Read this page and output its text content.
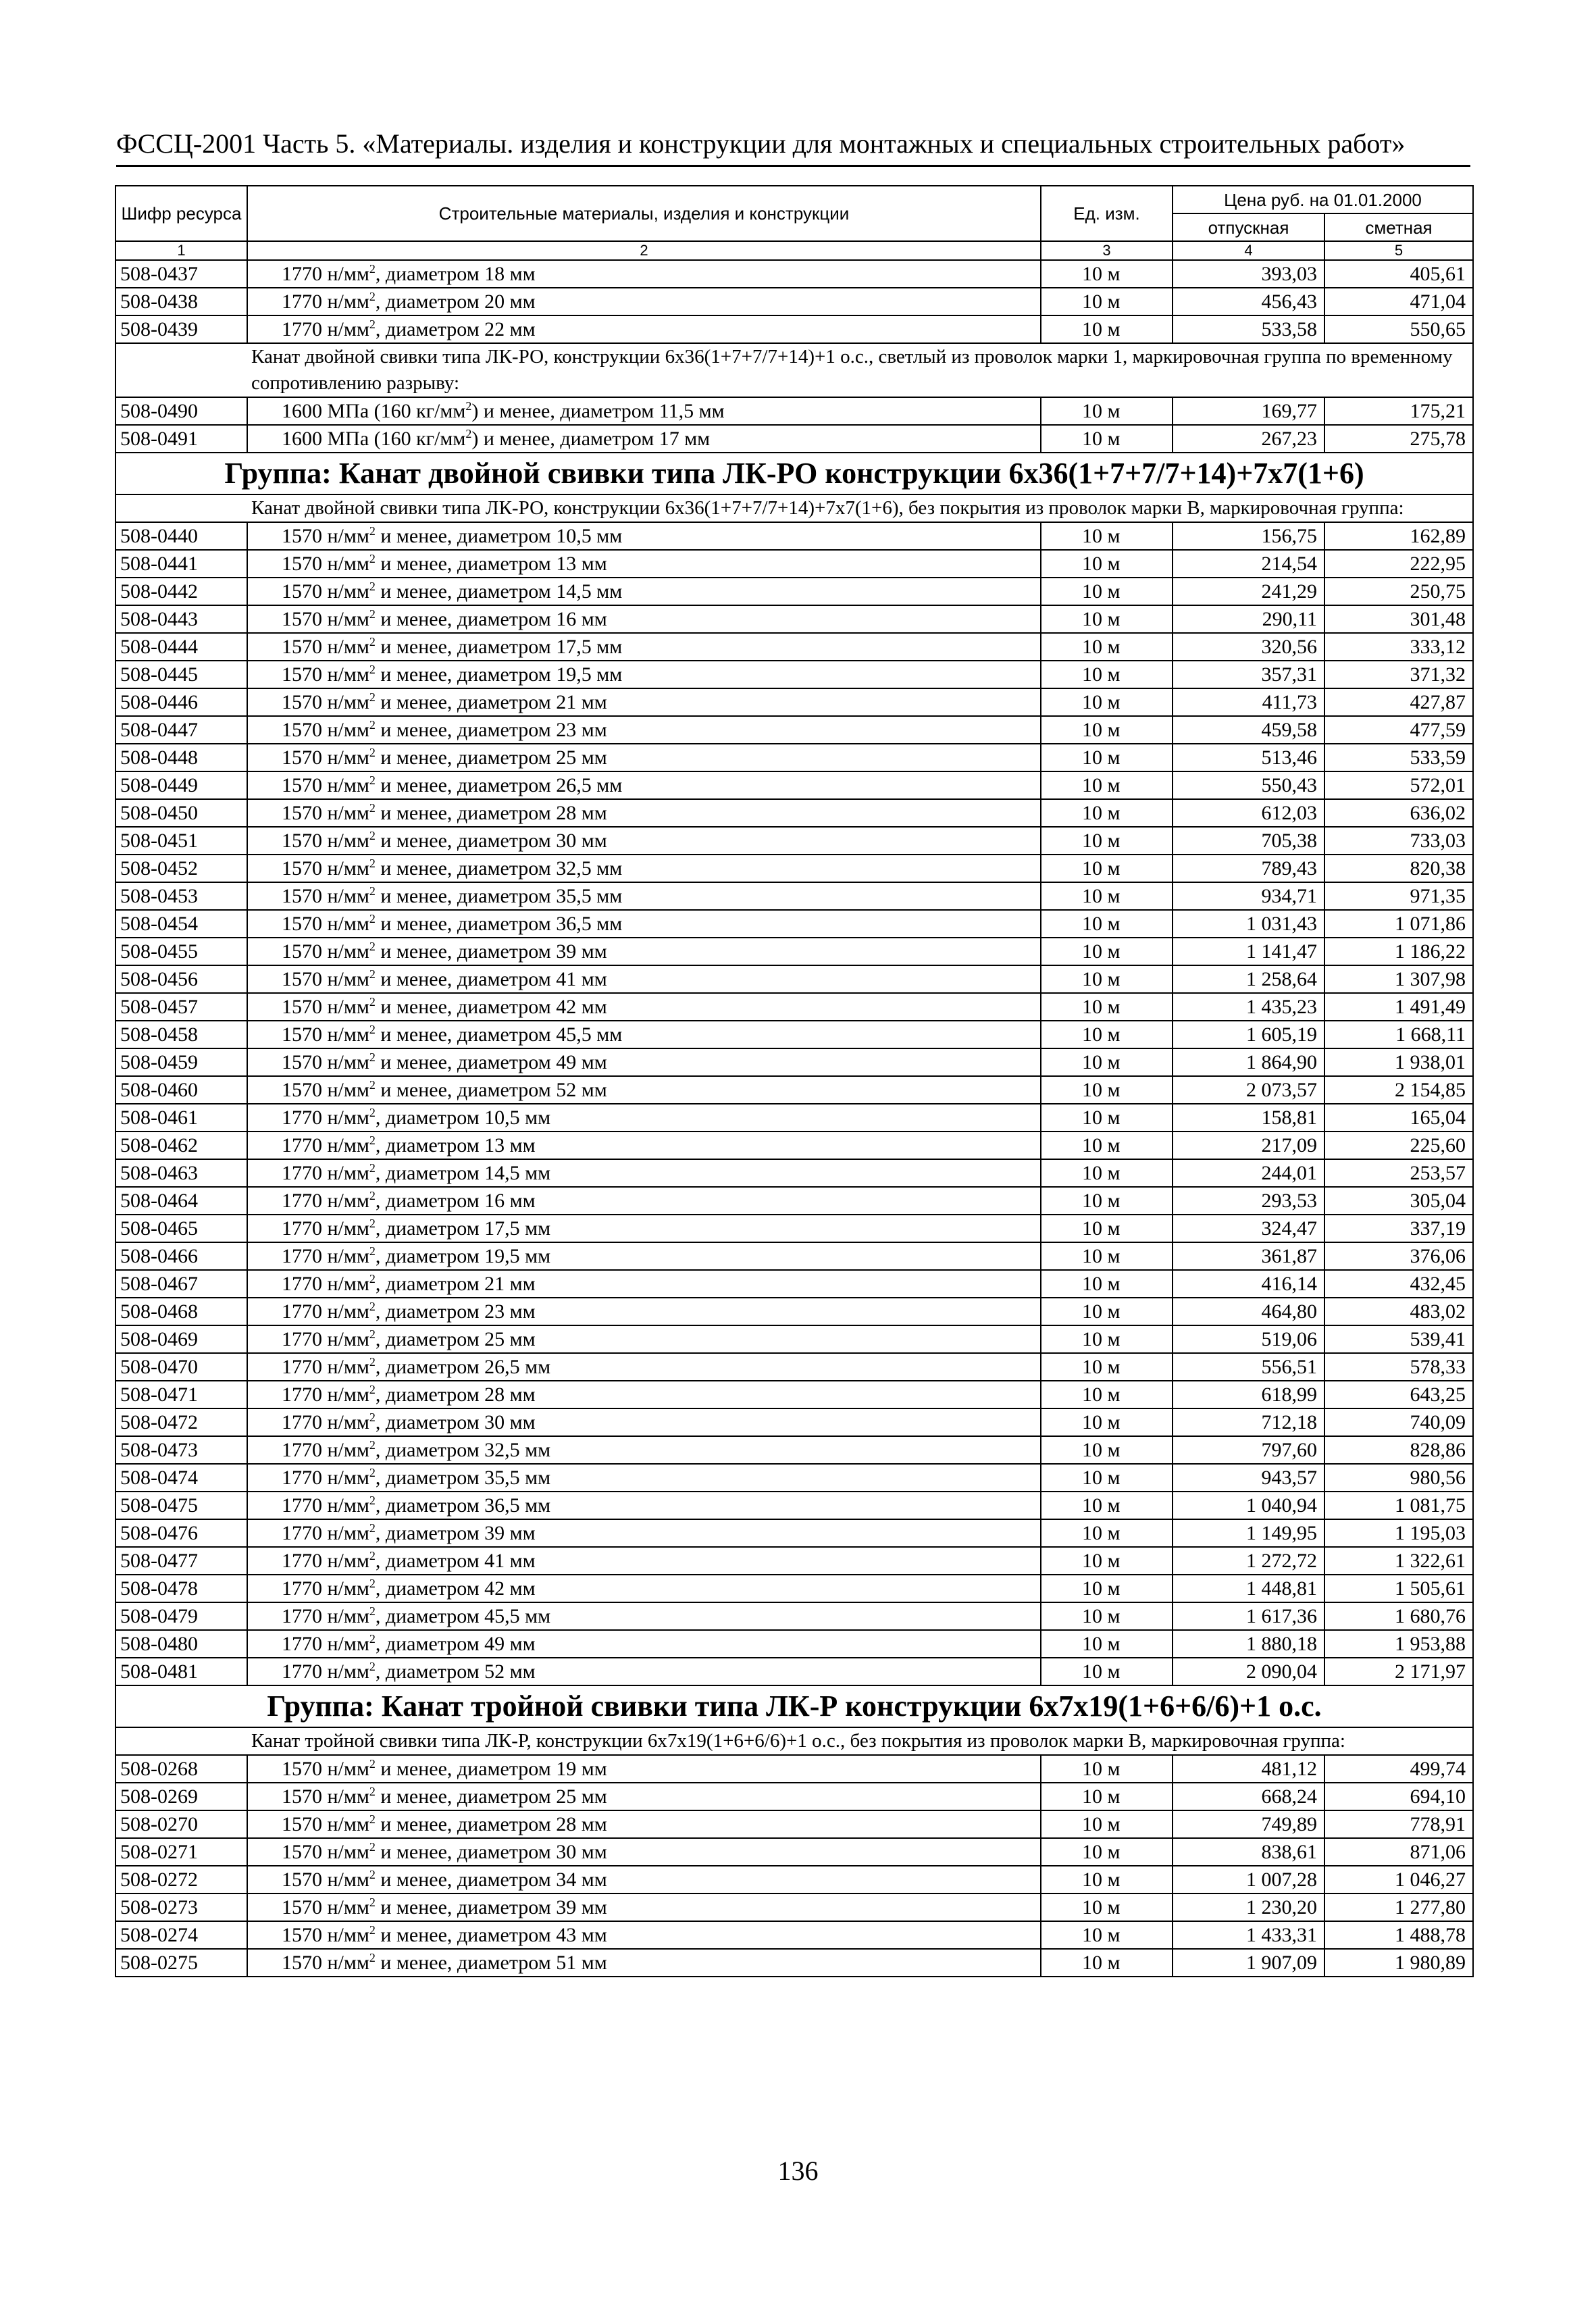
ФССЦ-2001 Часть 5. «Материалы. изделия и конструкции для монтажных и специальных строительных работ»
Шифр ресурса	Строительные материалы, изделия и конструкции	Ед. изм.	Цена руб. на 01.01.2000	
			отпускная	сметная
1	2	3	4	5
508-0437	1770 $н/мм^2$, диаметром 18 мм	10 м	393,03	405,61
508-0438	1770 $н/мм^2$, диаметром 20 мм	10 м	456,43	471,04
508-0439	1770 $н/мм^2$, диаметром 22 мм	10 м	533,58	550,65
Канат двойной свивки типа ЛК-РО, конструкции 6х36(1+7+7/7+14)+1 о.с., светлый из проволок марки 1, маркировочная группа по временному сопротивлению разрыву:				
508-0490	1600 МПа (160 $кг/мм^2$) и менее, диаметром 11,5 мм	10 м	169,77	175,21
508-0491	1600 МПа (160 $кг/мм^2$) и менее, диаметром 17 мм	10 м	267,23	275,78
Группа: Канат двойной свивки типа ЛК-РО конструкции 6х36(1+7+7/7+14)+7х7(1+6)				
Канат двойной свивки типа ЛК-РО, конструкции 6х36(1+7+7/7+14)+7х7(1+6), без покрытия из проволок марки В, маркировочная группа:				
508-0440	1570 $н/мм^2$ и менее, диаметром 10,5 мм	10 м	156,75	162,89
508-0441	1570 $н/мм^2$ и менее, диаметром 13 мм	10 м	214,54	222,95
508-0442	1570 $н/мм^2$ и менее, диаметром 14,5 мм	10 м	241,29	250,75
508-0443	1570 $н/мм^2$ и менее, диаметром 16 мм	10 м	290,11	301,48
508-0444	1570 $н/мм^2$ и менее, диаметром 17,5 мм	10 м	320,56	333,12
508-0445	1570 $н/мм^2$ и менее, диаметром 19,5 мм	10 м	357,31	371,32
508-0446	1570 $н/мм^2$ и менее, диаметром 21 мм	10 м	411,73	427,87
508-0447	1570 $н/мм^2$ и менее, диаметром 23 мм	10 м	459,58	477,59
508-0448	1570 $н/мм^2$ и менее, диаметром 25 мм	10 м	513,46	533,59
508-0449	1570 $н/мм^2$ и менее, диаметром 26,5 мм	10 м	550,43	572,01
508-0450	1570 $н/мм^2$ и менее, диаметром 28 мм	10 м	612,03	636,02
508-0451	1570 $н/мм^2$ и менее, диаметром 30 мм	10 м	705,38	733,03
508-0452	1570 $н/мм^2$ и менее, диаметром 32,5 мм	10 м	789,43	820,38
508-0453	1570 $н/мм^2$ и менее, диаметром 35,5 мм	10 м	934,71	971,35
508-0454	1570 $н/мм^2$ и менее, диаметром 36,5 мм	10 м	1 031,43	1 071,86
508-0455	1570 $н/мм^2$ и менее, диаметром 39 мм	10 м	1 141,47	1 186,22
508-0456	1570 $н/мм^2$ и менее, диаметром 41 мм	10 м	1 258,64	1 307,98
508-0457	1570 $н/мм^2$ и менее, диаметром 42 мм	10 м	1 435,23	1 491,49
508-0458	1570 $н/мм^2$ и менее, диаметром 45,5 мм	10 м	1 605,19	1 668,11
508-0459	1570 $н/мм^2$ и менее, диаметром 49 мм	10 м	1 864,90	1 938,01
508-0460	1570 $н/мм^2$ и менее, диаметром 52 мм	10 м	2 073,57	2 154,85
508-0461	1770 $н/мм^2$, диаметром 10,5 мм	10 м	158,81	165,04
508-0462	1770 $н/мм^2$, диаметром 13 мм	10 м	217,09	225,60
508-0463	1770 $н/мм^2$, диаметром 14,5 мм	10 м	244,01	253,57
508-0464	1770 $н/мм^2$, диаметром 16 мм	10 м	293,53	305,04
508-0465	1770 $н/мм^2$, диаметром 17,5 мм	10 м	324,47	337,19
508-0466	1770 $н/мм^2$, диаметром 19,5 мм	10 м	361,87	376,06
508-0467	1770 $н/мм^2$, диаметром 21 мм	10 м	416,14	432,45
508-0468	1770 $н/мм^2$, диаметром 23 мм	10 м	464,80	483,02
508-0469	1770 $н/мм^2$, диаметром 25 мм	10 м	519,06	539,41
508-0470	1770 $н/мм^2$, диаметром 26,5 мм	10 м	556,51	578,33
508-0471	1770 $н/мм^2$, диаметром 28 мм	10 м	618,99	643,25
508-0472	1770 $н/мм^2$, диаметром 30 мм	10 м	712,18	740,09
508-0473	1770 $н/мм^2$, диаметром 32,5 мм	10 м	797,60	828,86
508-0474	1770 $н/мм^2$, диаметром 35,5 мм	10 м	943,57	980,56
508-0475	1770 $н/мм^2$, диаметром 36,5 мм	10 м	1 040,94	1 081,75
508-0476	1770 $н/мм^2$, диаметром 39 мм	10 м	1 149,95	1 195,03
508-0477	1770 $н/мм^2$, диаметром 41 мм	10 м	1 272,72	1 322,61
508-0478	1770 $н/мм^2$, диаметром 42 мм	10 м	1 448,81	1 505,61
508-0479	1770 $н/мм^2$, диаметром 45,5 мм	10 м	1 617,36	1 680,76
508-0480	1770 $н/мм^2$, диаметром 49 мм	10 м	1 880,18	1 953,88
508-0481	1770 $н/мм^2$, диаметром 52 мм	10 м	2 090,04	2 171,97
Группа: Канат тройной свивки типа ЛК-Р конструкции 6х7х19(1+6+6/6)+1 о.с.				
Канат тройной свивки типа ЛК-Р, конструкции 6х7х19(1+6+6/6)+1 о.с., без покрытия из проволок марки В, маркировочная группа:				
508-0268	1570 $н/мм^2$ и менее, диаметром 19 мм	10 м	481,12	499,74
508-0269	1570 $н/мм^2$ и менее, диаметром 25 мм	10 м	668,24	694,10
508-0270	1570 $н/мм^2$ и менее, диаметром 28 мм	10 м	749,89	778,91
508-0271	1570 $н/мм^2$ и менее, диаметром 30 мм	10 м	838,61	871,06
508-0272	1570 $н/мм^2$ и менее, диаметром 34 мм	10 м	1 007,28	1 046,27
508-0273	1570 $н/мм^2$ и менее, диаметром 39 мм	10 м	1 230,20	1 277,80
508-0274	1570 $н/мм^2$ и менее, диаметром 43 мм	10 м	1 433,31	1 488,78
508-0275	1570 $н/мм^2$ и менее, диаметром 51 мм	10 м	1 907,09	1 980,89
136
